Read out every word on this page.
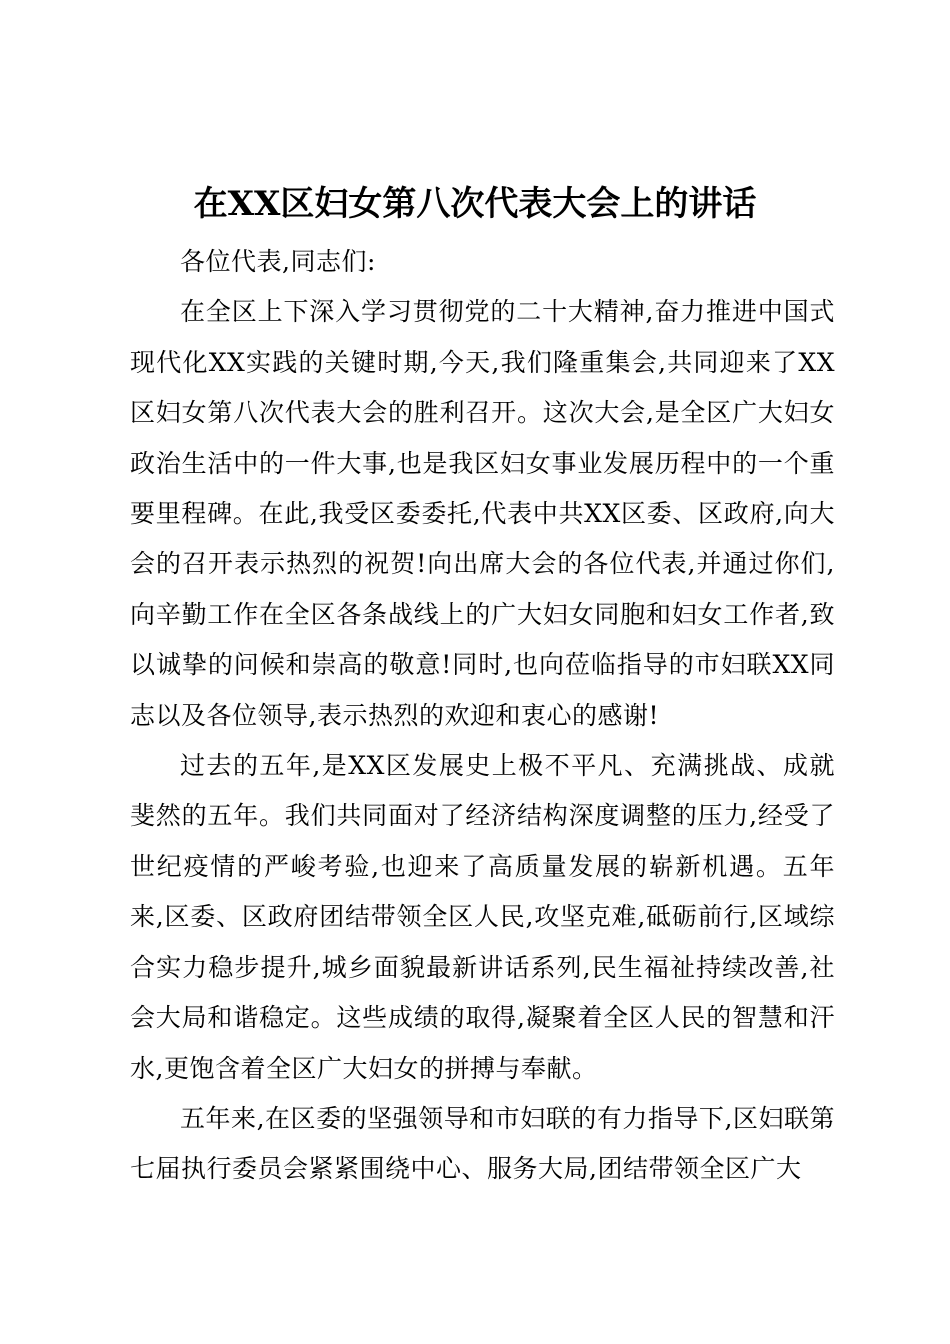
在XX区妇女第八次代表大会上的讲话

各位代表,同志们:

在全区上下深入学习贯彻党的二十大精神,奋力推进中国式现代化XX实践的关键时期,今天,我们隆重集会,共同迎来了XX区妇女第八次代表大会的胜利召开。这次大会,是全区广大妇女政治生活中的一件大事,也是我区妇女事业发展历程中的一个重要里程碑。在此,我受区委委托,代表中共XX区委、区政府,向大会的召开表示热烈的祝贺!向出席大会的各位代表,并通过你们,向辛勤工作在全区各条战线上的广大妇女同胞和妇女工作者,致以诚挚的问候和崇高的敬意!同时,也向莅临指导的市妇联XX同志以及各位领导,表示热烈的欢迎和衷心的感谢!

过去的五年,是XX区发展史上极不平凡、充满挑战、成就斐然的五年。我们共同面对了经济结构深度调整的压力,经受了世纪疫情的严峻考验,也迎来了高质量发展的崭新机遇。五年来,区委、区政府团结带领全区人民,攻坚克难,砥砺前行,区域综合实力稳步提升,城乡面貌最新讲话系列,民生福祉持续改善,社会大局和谐稳定。这些成绩的取得,凝聚着全区人民的智慧和汗水,更饱含着全区广大妇女的拼搏与奉献。

五年来,在区委的坚强领导和市妇联的有力指导下,区妇联第七届执行委员会紧紧围绕中心、服务大局,团结带领全区广大
